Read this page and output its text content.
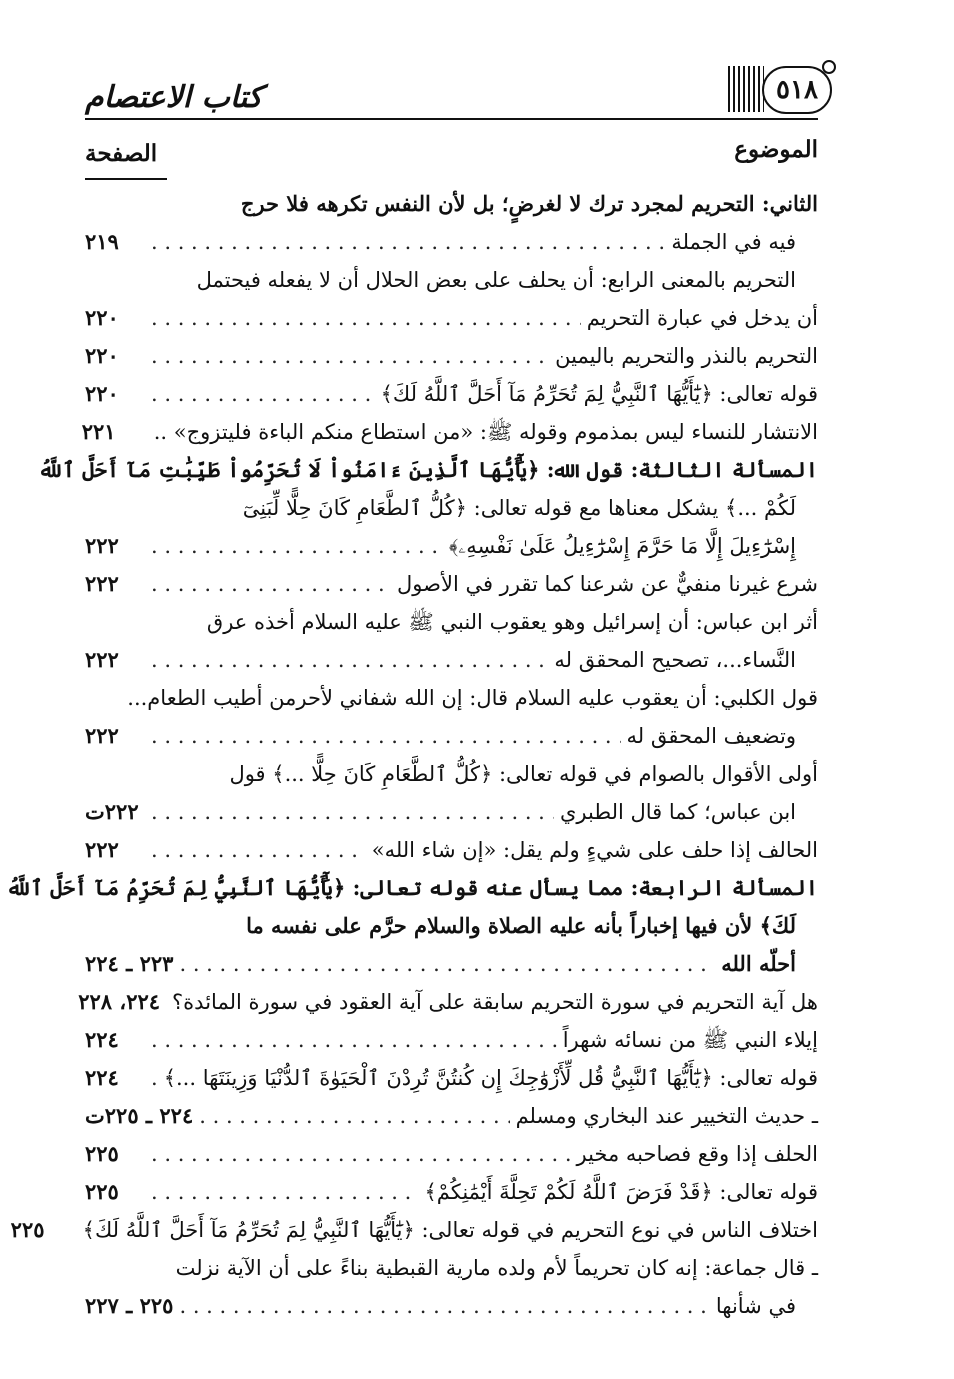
٥١٨
كتاب الاعتصام
الموضوع
الصفحة
الثاني: التحريم لمجرد ترك لا لغرضٍ؛ بل لأن النفس تكرهه فلا حرج
فيه في الجملة
. . .
٢١٩
التحريم بالمعنى الرابع: أن يحلف على بعض الحلال أن لا يفعله فيحتمل
أن يدخل في عبارة التحريم
. . .
٢٢٠
التحريم بالنذر والتحريم باليمين
. . .
٢٢٠
قوله تعالى: ﴿يَٰٓأَيُّهَا ٱلنَّبِيُّ لِمَ تُحَرِّمُ مَآ أَحَلَّ ٱللَّهُ لَكَ﴾
. . .
٢٢٠
الانتشار للنساء ليس بمذموم وقوله ﷺ: «من استطاع منكم الباءة فليتزوج» ..
٢٢١
المسألة الثالثة: قول الله: ﴿يَٰٓأَيُّهَا ٱلَّذِينَ ءَامَنُواْ لَا تُحَرِّمُواْ طَيِّبَٰتِ مَآ أَحَلَّ ٱللَّهُ
لَكُمْ ...﴾ يشكل معناها مع قوله تعالى: ﴿كُلُّ ٱلطَّعَامِ كَانَ حِلًّا لِّبَنِىٓ
إِسْرَٰٓءِيلَ إِلَّا مَا حَرَّمَ إِسْرَٰٓءِيلُ عَلَىٰ نَفْسِهِۦ﴾
. . .
٢٢٢
شرع غيرنا منفيٌّ عن شرعنا كما تقرر في الأصول
. . .
٢٢٢
أثر ابن عباس: أن إسرائيل وهو يعقوب النبي ﷺ عليه السلام أخذه عرق
النَّساء...، تصحيح المحقق له
. . .
٢٢٢
قول الكلبي: أن يعقوب عليه السلام قال: إن الله شفاني لأحرمن أطيب الطعام...
وتضعيف المحقق له
. . .
٢٢٢
أولى الأقوال بالصوام في قوله تعالى: ﴿كُلُّ ٱلطَّعَامِ كَانَ حِلًّا ...﴾ قول
ابن عباس؛ كما قال الطبري
. . .
٢٢٢ت
الحالف إذا حلف على شيءٍ ولم يقل: «إن شاء الله»
. . .
٢٢٢
المسألة الرابعة: مما يسأل عنه قوله تعالى: ﴿يَٰٓأَيُّهَا ٱلنَّبِيُّ لِمَ تُحَرِّمُ مَآ أَحَلَّ ٱللَّهُ
لَكَ﴾ لأن فيها إخباراً بأنه عليه الصلاة والسلام حرَّم على نفسه ما
أحلّه الله
. . .
٢٢٣ ـ ٢٢٤
هل آية التحريم في سورة التحريم سابقة على آية العقود في سورة المائدة؟
٢٢٤، ٢٢٨
إيلاء النبي ﷺ من نسائه شهراً
. . .
٢٢٤
قوله تعالى: ﴿يَٰٓأَيُّهَا ٱلنَّبِيُّ قُل لِّأَزْوَٰجِكَ إِن كُنتُنَّ تُرِدْنَ ٱلْحَيَوٰةَ ٱلدُّنْيَا وَزِينَتَهَا ...﴾
. . .
٢٢٤
ـ حديث التخيير عند البخاري ومسلم
. . .
٢٢٤ ـ ٢٢٥ت
الحلف إذا وقع فصاحبه مخير
. . .
٢٢٥
قوله تعالى: ﴿قَدْ فَرَضَ ٱللَّهُ لَكُمْ تَحِلَّةَ أَيْمَٰنِكُمْ﴾
. . .
٢٢٥
اختلاف الناس في نوع التحريم في قوله تعالى: ﴿يَٰٓأَيُّهَا ٱلنَّبِيُّ لِمَ تُحَرِّمُ مَآ أَحَلَّ ٱللَّهُ لَكَ﴾
٢٢٥
ـ قال جماعة: إنه كان تحريماً لأم ولده مارية القبطية بناءً على أن الآية نزلت
في شأنها
. . .
٢٢٥ ـ ٢٢٧
